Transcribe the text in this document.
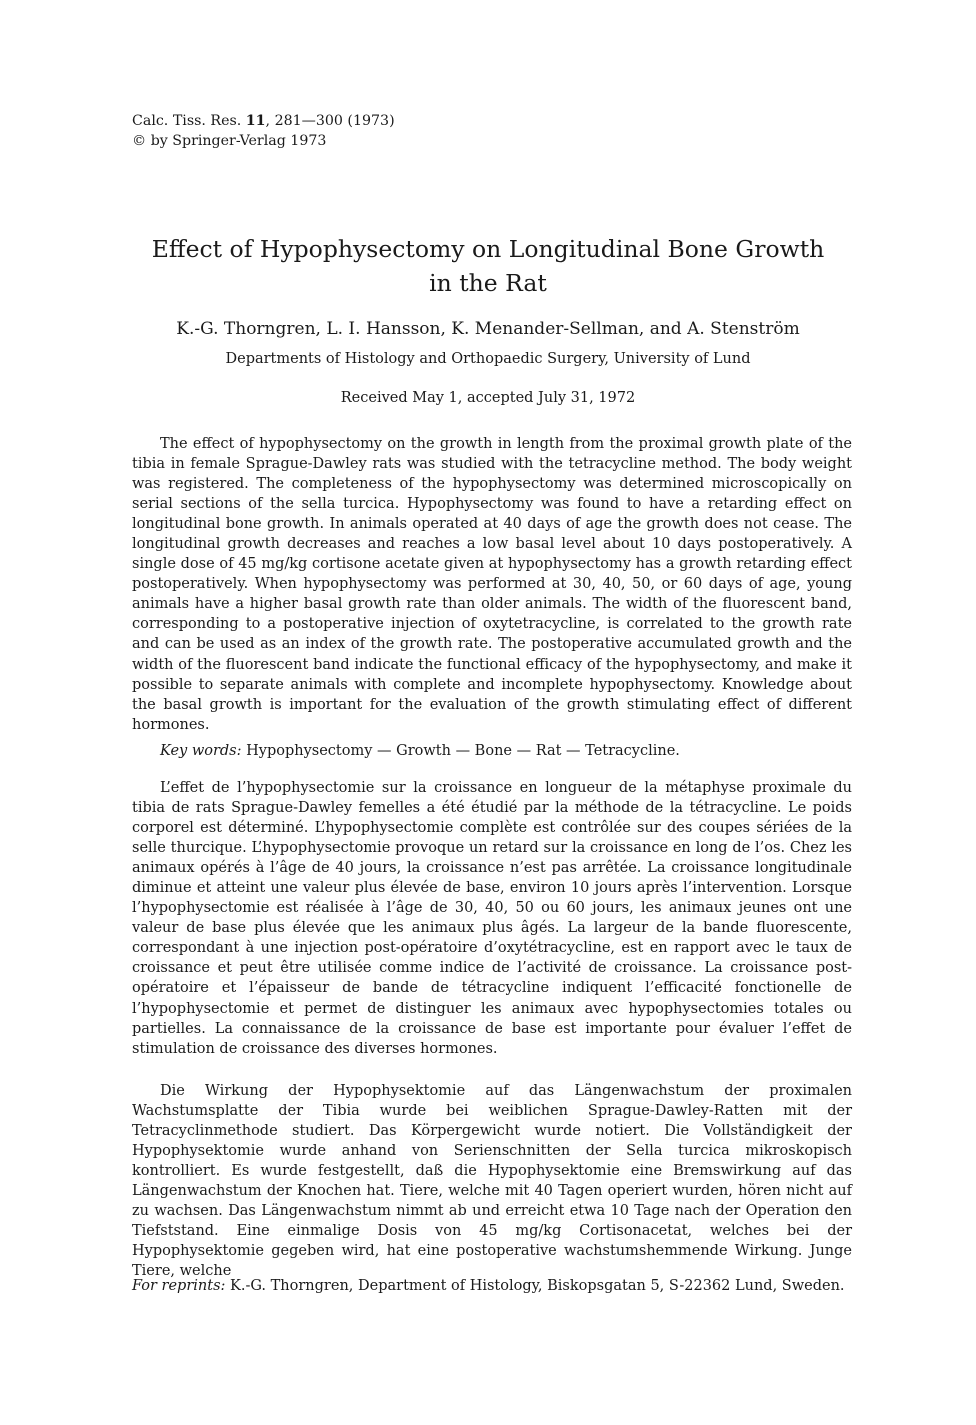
Calc. Tiss. Res. 11, 281—300 (1973)
© by Springer-Verlag 1973
Effect of Hypophysectomy on Longitudinal Bone Growth
in the Rat
K.-G. Thorngren, L. I. Hansson, K. Menander-Sellman, and A. Stenström
Departments of Histology and Orthopaedic Surgery, University of Lund
Received May 1, accepted July 31, 1972

The effect of hypophysectomy on the growth in length from the proximal growth plate of the tibia in female Sprague-Dawley rats was studied with the tetracycline method. The body weight was registered. The completeness of the hypophysectomy was determined microscopically on serial sections of the sella turcica. Hypophysectomy was found to have a retarding effect on longitudinal bone growth. In animals operated at 40 days of age the growth does not cease. The longitudinal growth decreases and reaches a low basal level about 10 days postoperatively. A single dose of 45 mg/kg cortisone acetate given at hypophysectomy has a growth retarding effect postoperatively. When hypophysectomy was performed at 30, 40, 50, or 60 days of age, young animals have a higher basal growth rate than older animals. The width of the fluorescent band, corresponding to a postoperative injection of oxytetracycline, is correlated to the growth rate and can be used as an index of the growth rate. The postoperative accumulated growth and the width of the fluorescent band indicate the functional efficacy of the hypophysectomy, and make it possible to separate animals with complete and incomplete hypophysectomy. Knowledge about the basal growth is important for the evaluation of the growth stimulating effect of different hormones.

Key words: Hypophysectomy — Growth — Bone — Rat — Tetracycline.

L’effet de l’hypophysectomie sur la croissance en longueur de la métaphyse proximale du tibia de rats Sprague-Dawley femelles a été étudié par la méthode de la tétracycline. Le poids corporel est déterminé. L’hypophysectomie complète est contrôlée sur des coupes sériées de la selle thurcique. L’hypophysectomie provoque un retard sur la croissance en long de l’os. Chez les animaux opérés à l’âge de 40 jours, la croissance n’est pas arrêtée. La croissance longitudinale diminue et atteint une valeur plus élevée de base, environ 10 jours après l’intervention. Lorsque l’hypophysectomie est réalisée à l’âge de 30, 40, 50 ou 60 jours, les animaux jeunes ont une valeur de base plus élevée que les animaux plus âgés. La largeur de la bande fluorescente, correspondant à une injection post-opératoire d’oxytétracycline, est en rapport avec le taux de croissance et peut être utilisée comme indice de l’activité de croissance. La croissance post-opératoire et l’épaisseur de bande de tétracycline indiquent l’efficacité fonctionelle de l’hypophysectomie et permet de distinguer les animaux avec hypophysectomies totales ou partielles. La connaissance de la croissance de base est importante pour évaluer l’effet de stimulation de croissance des diverses hormones.

Die Wirkung der Hypophysektomie auf das Längenwachstum der proximalen Wachstumsplatte der Tibia wurde bei weiblichen Sprague-Dawley-Ratten mit der Tetracyclinmethode studiert. Das Körpergewicht wurde notiert. Die Vollständigkeit der Hypophysektomie wurde anhand von Serienschnitten der Sella turcica mikroskopisch kontrolliert. Es wurde festgestellt, daß die Hypophysektomie eine Bremswirkung auf das Längenwachstum der Knochen hat. Tiere, welche mit 40 Tagen operiert wurden, hören nicht auf zu wachsen. Das Längenwachstum nimmt ab und erreicht etwa 10 Tage nach der Operation den Tiefststand. Eine einmalige Dosis von 45 mg/kg Cortisonacetat, welches bei der Hypophysektomie gegeben wird, hat eine postoperative wachstumshemmende Wirkung. Junge Tiere, welche

For reprints: K.-G. Thorngren, Department of Histology, Biskopsgatan 5, S-22362 Lund, Sweden.
